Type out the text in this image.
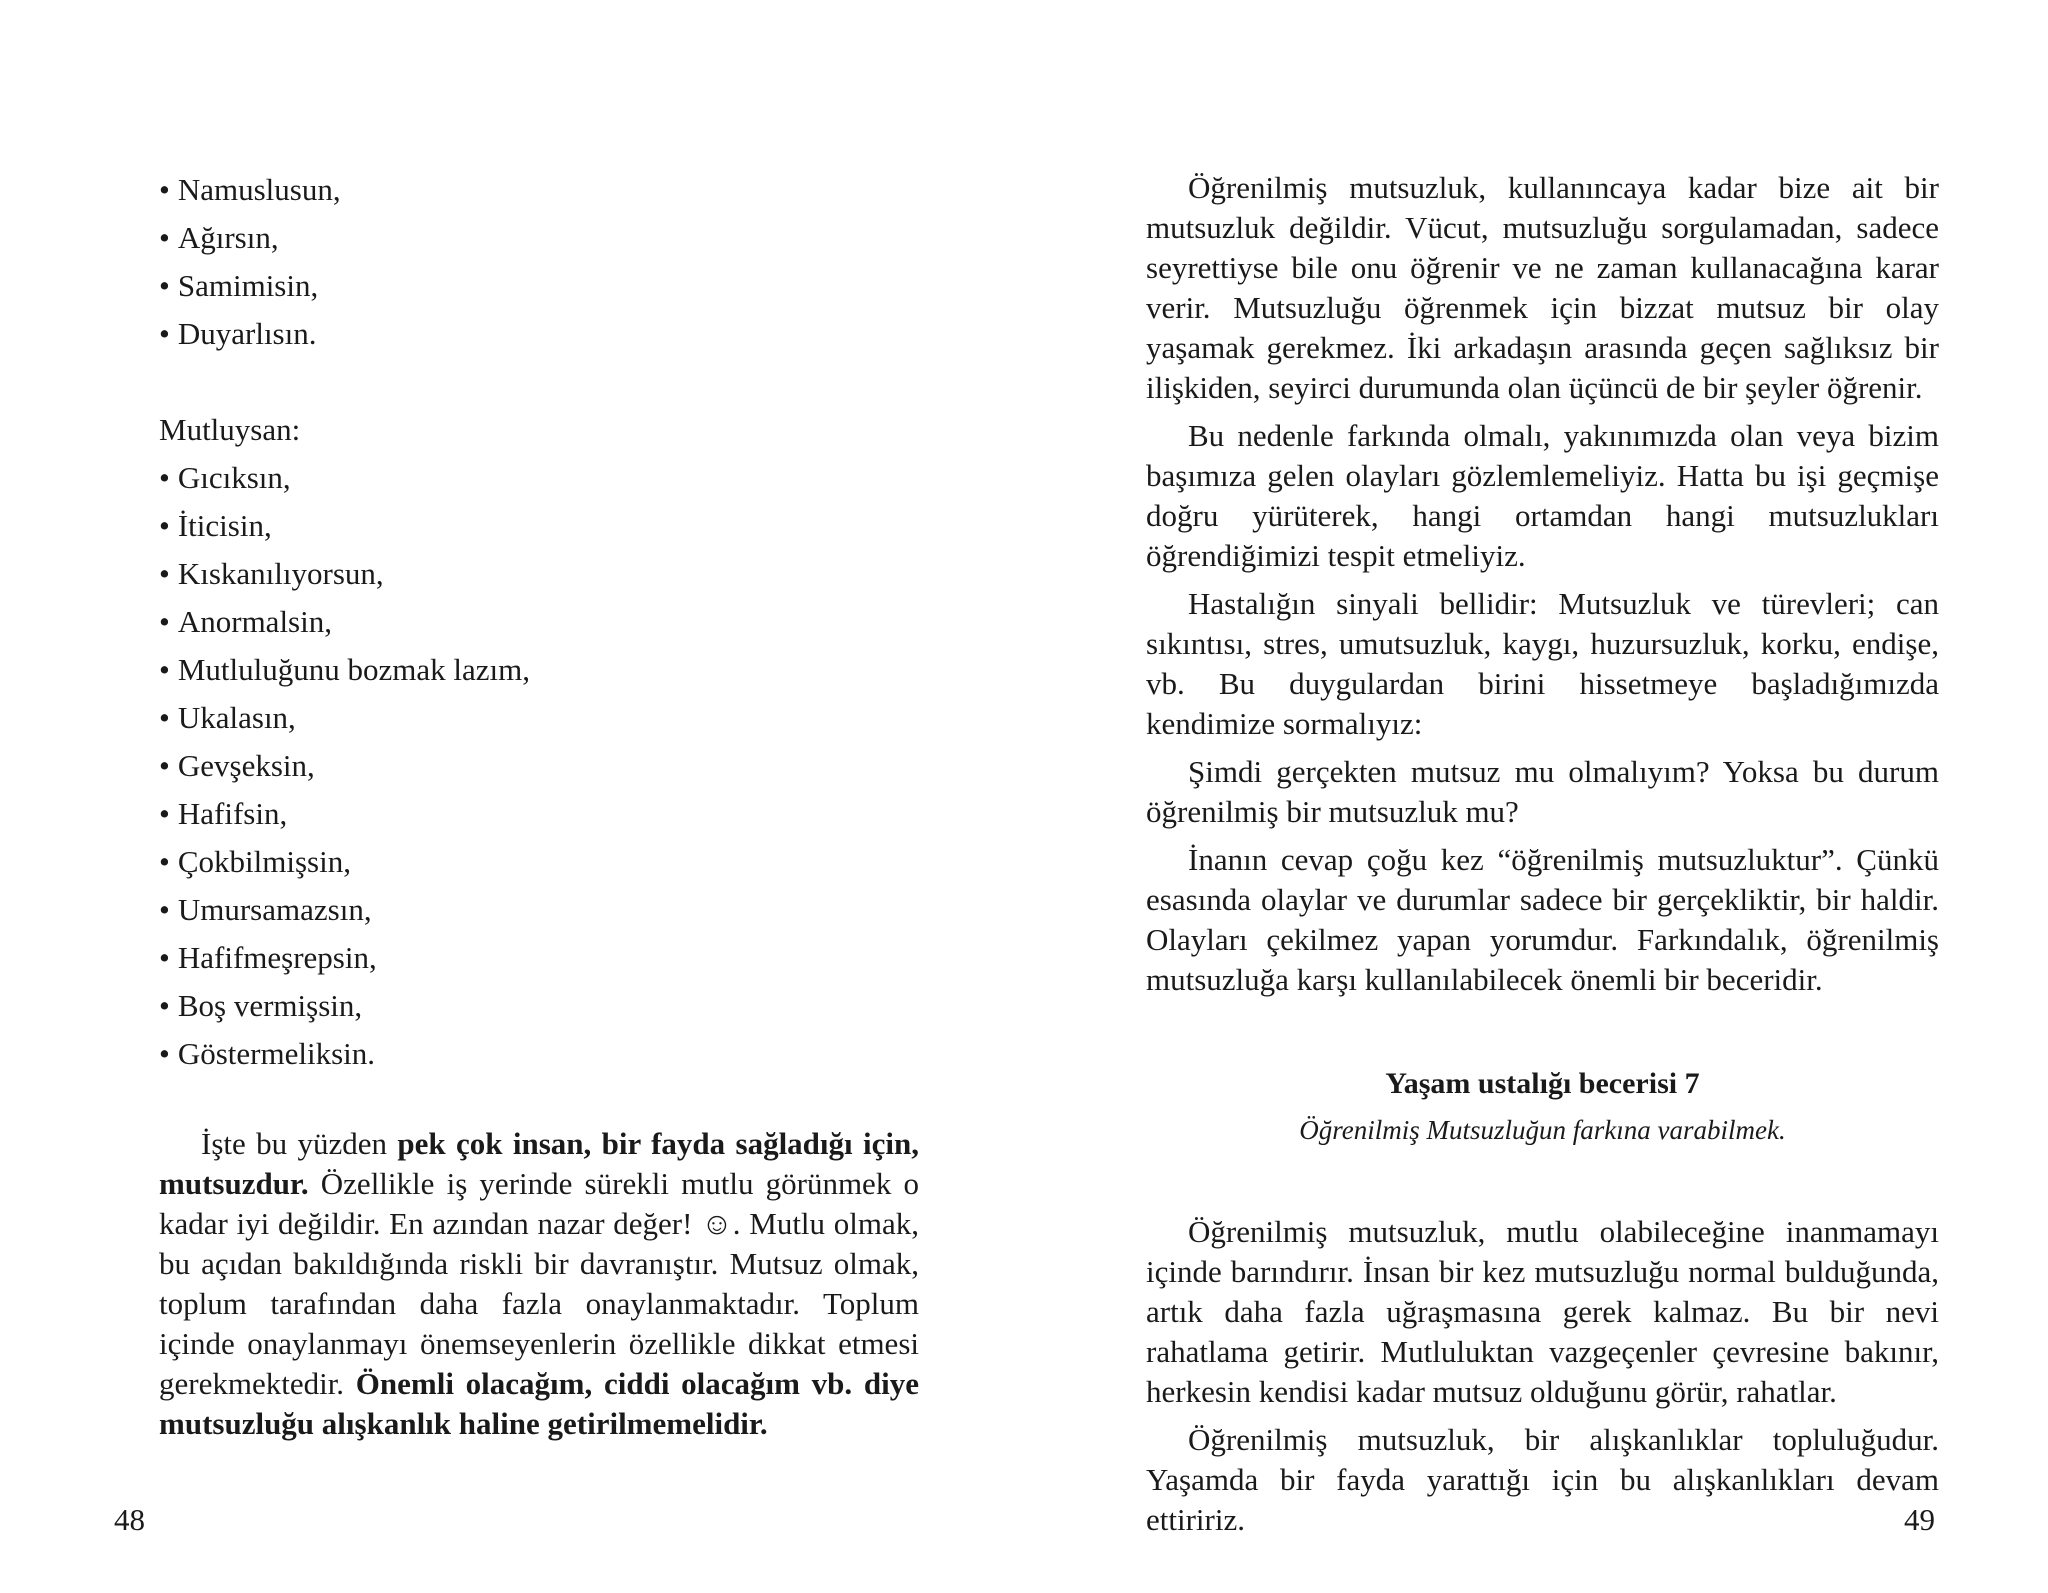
• Namuslusun,
• Ağırsın,
• Samimisin,
• Duyarlısın.
Mutluysan:
• Gıcıksın,
• İticisin,
• Kıskanılıyorsun,
• Anormalsin,
• Mutluluğunu bozmak lazım,
• Ukalasın,
• Gevşeksin,
• Hafifsin,
• Çokbilmişsin,
• Umursamazsın,
• Hafifmeşrepsin,
• Boş vermişsin,
• Göstermeliksin.

İşte bu yüzden pek çok insan, bir fayda sağladığı için, mutsuzdur. Özellikle iş yerinde sürekli mutlu görünmek o kadar iyi değildir. En azından nazar değer! ☺. Mutlu olmak, bu açıdan bakıldığında riskli bir davranıştır. Mutsuz olmak, toplum tarafından daha fazla onaylanmaktadır. Toplum içinde onaylanmayı önemseyenlerin özellikle dikkat etmesi gerekmektedir. Önemli olacağım, ciddi olacağım vb. diye mutsuzluğu alışkanlık haline getirilmemelidir.

48

Öğrenilmiş mutsuzluk, kullanıncaya kadar bize ait bir mutsuzluk değildir. Vücut, mutsuzluğu sorgulamadan, sadece seyrettiyse bile onu öğrenir ve ne zaman kullanacağına karar verir. Mutsuzluğu öğrenmek için bizzat mutsuz bir olay yaşamak gerekmez. İki arkadaşın arasında geçen sağlıksız bir ilişkiden, seyirci durumunda olan üçüncü de bir şeyler öğrenir.

Bu nedenle farkında olmalı, yakınımızda olan veya bizim başımıza gelen olayları gözlemlemeliyiz. Hatta bu işi geçmişe doğru yürüterek, hangi ortamdan hangi mutsuzlukları öğrendiğimizi tespit etmeliyiz.

Hastalığın sinyali bellidir: Mutsuzluk ve türevleri; can sıkıntısı, stres, umutsuzluk, kaygı, huzursuzluk, korku, endişe, vb. Bu duygulardan birini hissetmeye başladığımızda kendimize sormalıyız:

Şimdi gerçekten mutsuz mu olmalıyım? Yoksa bu durum öğrenilmiş bir mutsuzluk mu?

İnanın cevap çoğu kez “öğrenilmiş mutsuzluktur”. Çünkü esasında olaylar ve durumlar sadece bir gerçekliktir, bir haldir. Olayları çekilmez yapan yorumdur. Farkındalık, öğrenilmiş mutsuzluğa karşı kullanılabilecek önemli bir beceridir.

Yaşam ustalığı becerisi 7

Öğrenilmiş Mutsuzluğun farkına varabilmek.

Öğrenilmiş mutsuzluk, mutlu olabileceğine inanmamayı içinde barındırır. İnsan bir kez mutsuzluğu normal bulduğunda, artık daha fazla uğraşmasına gerek kalmaz. Bu bir nevi rahatlama getirir. Mutluluktan vazgeçenler çevresine bakınır, herkesin kendisi kadar mutsuz olduğunu görür, rahatlar.

Öğrenilmiş mutsuzluk, bir alışkanlıklar topluluğudur. Yaşamda bir fayda yarattığı için bu alışkanlıkları devam ettiririz.	49
